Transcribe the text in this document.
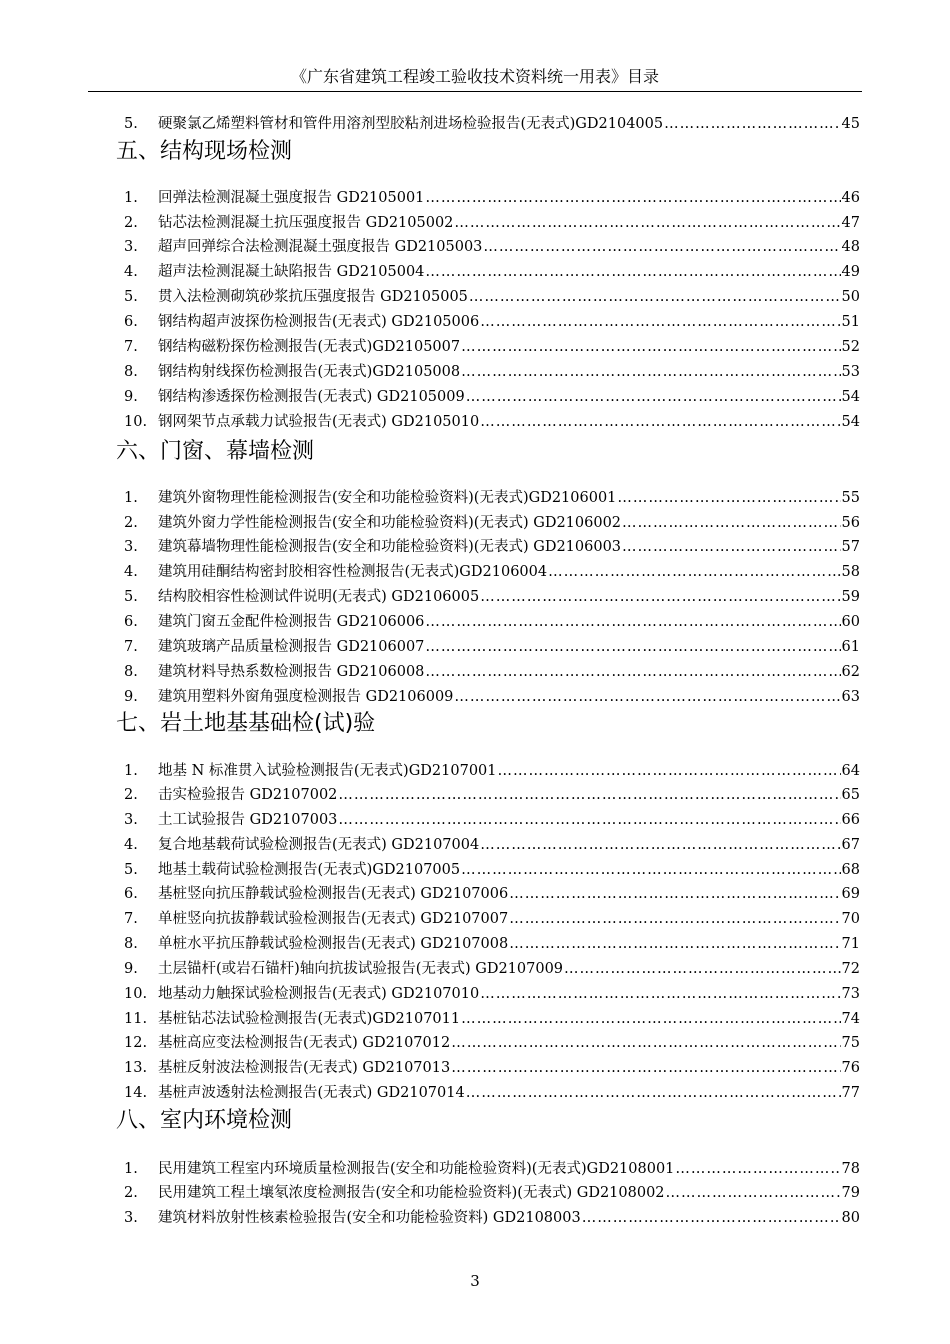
《广东省建筑工程竣工验收技术资料统一用表》目录
5.	硬聚氯乙烯塑料管材和管件用溶剂型胶粘剂进场检验报告(无表式)GD2104005 ……………………………………………………………………………………………………………………………………………………………………………………	45
五、结构现场检测
1.	回弹法检测混凝土强度报告 GD2105001 ……………………………………………………………………………………………………………………………………………………………………………………	46
2.	钻芯法检测混凝土抗压强度报告 GD2105002 ……………………………………………………………………………………………………………………………………………………………………………………	47
3.	超声回弹综合法检测混凝土强度报告 GD2105003 ……………………………………………………………………………………………………………………………………………………………………………………	48
4.	超声法检测混凝土缺陷报告 GD2105004 ……………………………………………………………………………………………………………………………………………………………………………………	49
5.	贯入法检测砌筑砂浆抗压强度报告 GD2105005 ……………………………………………………………………………………………………………………………………………………………………………………	50
6.	钢结构超声波探伤检测报告(无表式) GD2105006 ……………………………………………………………………………………………………………………………………………………………………………………	51
7.	钢结构磁粉探伤检测报告(无表式)GD2105007 ……………………………………………………………………………………………………………………………………………………………………………………	52
8.	钢结构射线探伤检测报告(无表式)GD2105008 ……………………………………………………………………………………………………………………………………………………………………………………	53
9.	钢结构渗透探伤检测报告(无表式) GD2105009 ……………………………………………………………………………………………………………………………………………………………………………………	54
10. 钢网架节点承载力试验报告(无表式) GD2105010 ……………………………………………………………………………………………………………………………………………………………………………………	54
六、门窗、幕墙检测
1.	建筑外窗物理性能检测报告(安全和功能检验资料)(无表式)GD2106001 ……………………………………………………………………………………………………………………………………………………………………………………	55
2.	建筑外窗力学性能检测报告(安全和功能检验资料)(无表式) GD2106002 ……………………………………………………………………………………………………………………………………………………………………………………	56
3.	建筑幕墙物理性能检测报告(安全和功能检验资料)(无表式) GD2106003 ……………………………………………………………………………………………………………………………………………………………………………………	57
4.	建筑用硅酮结构密封胶相容性检测报告(无表式)GD2106004 ……………………………………………………………………………………………………………………………………………………………………………………	58
5.	结构胶相容性检测试件说明(无表式) GD2106005 ……………………………………………………………………………………………………………………………………………………………………………………	59
6.	建筑门窗五金配件检测报告 GD2106006 ……………………………………………………………………………………………………………………………………………………………………………………	60
7.	建筑玻璃产品质量检测报告 GD2106007 ……………………………………………………………………………………………………………………………………………………………………………………	61
8.	建筑材料导热系数检测报告 GD2106008 ……………………………………………………………………………………………………………………………………………………………………………………	62
9.	建筑用塑料外窗角强度检测报告 GD2106009 ……………………………………………………………………………………………………………………………………………………………………………………	63
七、岩土地基基础检(试)验
1.	地基 N 标准贯入试验检测报告(无表式)GD2107001 ……………………………………………………………………………………………………………………………………………………………………………………	64
2.	击实检验报告 GD2107002 ……………………………………………………………………………………………………………………………………………………………………………………	65
3.	土工试验报告 GD2107003 ……………………………………………………………………………………………………………………………………………………………………………………	66
4.	复合地基载荷试验检测报告(无表式) GD2107004 ……………………………………………………………………………………………………………………………………………………………………………………	67
5.	地基土载荷试验检测报告(无表式)GD2107005 ……………………………………………………………………………………………………………………………………………………………………………………	68
6.	基桩竖向抗压静载试验检测报告(无表式) GD2107006 ……………………………………………………………………………………………………………………………………………………………………………………	69
7.	单桩竖向抗拔静载试验检测报告(无表式) GD2107007 ……………………………………………………………………………………………………………………………………………………………………………………	70
8.	单桩水平抗压静载试验检测报告(无表式) GD2107008 ……………………………………………………………………………………………………………………………………………………………………………………	71
9.	土层锚杆(或岩石锚杆)轴向抗拔试验报告(无表式) GD2107009 ……………………………………………………………………………………………………………………………………………………………………………………	72
10. 地基动力触探试验检测报告(无表式) GD2107010 ……………………………………………………………………………………………………………………………………………………………………………………	73
11. 基桩钻芯法试验检测报告(无表式)GD2107011 ……………………………………………………………………………………………………………………………………………………………………………………	74
12. 基桩高应变法检测报告(无表式) GD2107012 ……………………………………………………………………………………………………………………………………………………………………………………	75
13. 基桩反射波法检测报告(无表式) GD2107013 ……………………………………………………………………………………………………………………………………………………………………………………	76
14. 基桩声波透射法检测报告(无表式) GD2107014 ……………………………………………………………………………………………………………………………………………………………………………………	77
八、室内环境检测
1.	民用建筑工程室内环境质量检测报告(安全和功能检验资料)(无表式)GD2108001 ……………………………………………………………………………………………………………………………………………………………………………………	78
2.	民用建筑工程土壤氡浓度检测报告(安全和功能检验资料)(无表式) GD2108002 ……………………………………………………………………………………………………………………………………………………………………………………	79
3.	建筑材料放射性核素检验报告(安全和功能检验资料) GD2108003 ……………………………………………………………………………………………………………………………………………………………………………………	80
3
